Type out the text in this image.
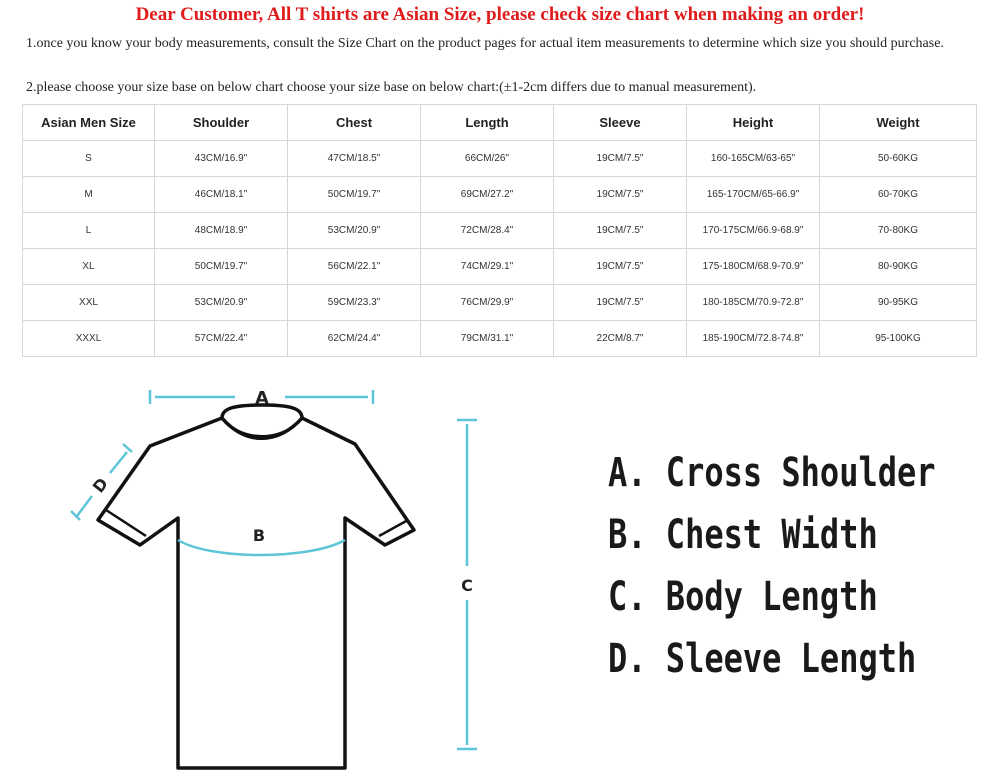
Dear Customer, All T shirts are Asian Size, please check size chart when making an order!
1.once you know your body measurements, consult the Size Chart on the product pages for actual item measurements to determine which size you should purchase.
2.please choose your size base on below chart choose your size base on below chart:(±1-2cm differs due to manual measurement).
Asian Men Size	Shoulder	Chest	Length	Sleeve	Height	Weight
S	43CM/16.9"	47CM/18.5"	66CM/26"	19CM/7.5"	160-165CM/63-65"	50-60KG
M	46CM/18.1"	50CM/19.7"	69CM/27.2"	19CM/7.5"	165-170CM/65-66.9"	60-70KG
L	48CM/18.9"	53CM/20.9"	72CM/28.4"	19CM/7.5"	170-175CM/66.9-68.9"	70-80KG
XL	50CM/19.7"	56CM/22.1"	74CM/29.1"	19CM/7.5"	175-180CM/68.9-70.9"	80-90KG
XXL	53CM/20.9"	59CM/23.3"	76CM/29.9"	19CM/7.5"	180-185CM/70.9-72.8"	90-95KG
XXXL	57CM/22.4"	62CM/24.4"	79CM/31.1"	22CM/8.7"	185-190CM/72.8-74.8"	95-100KG
A
B
C
D	A. Cross Shoulder
B. Chest Width
C. Body Length
D. Sleeve Length
